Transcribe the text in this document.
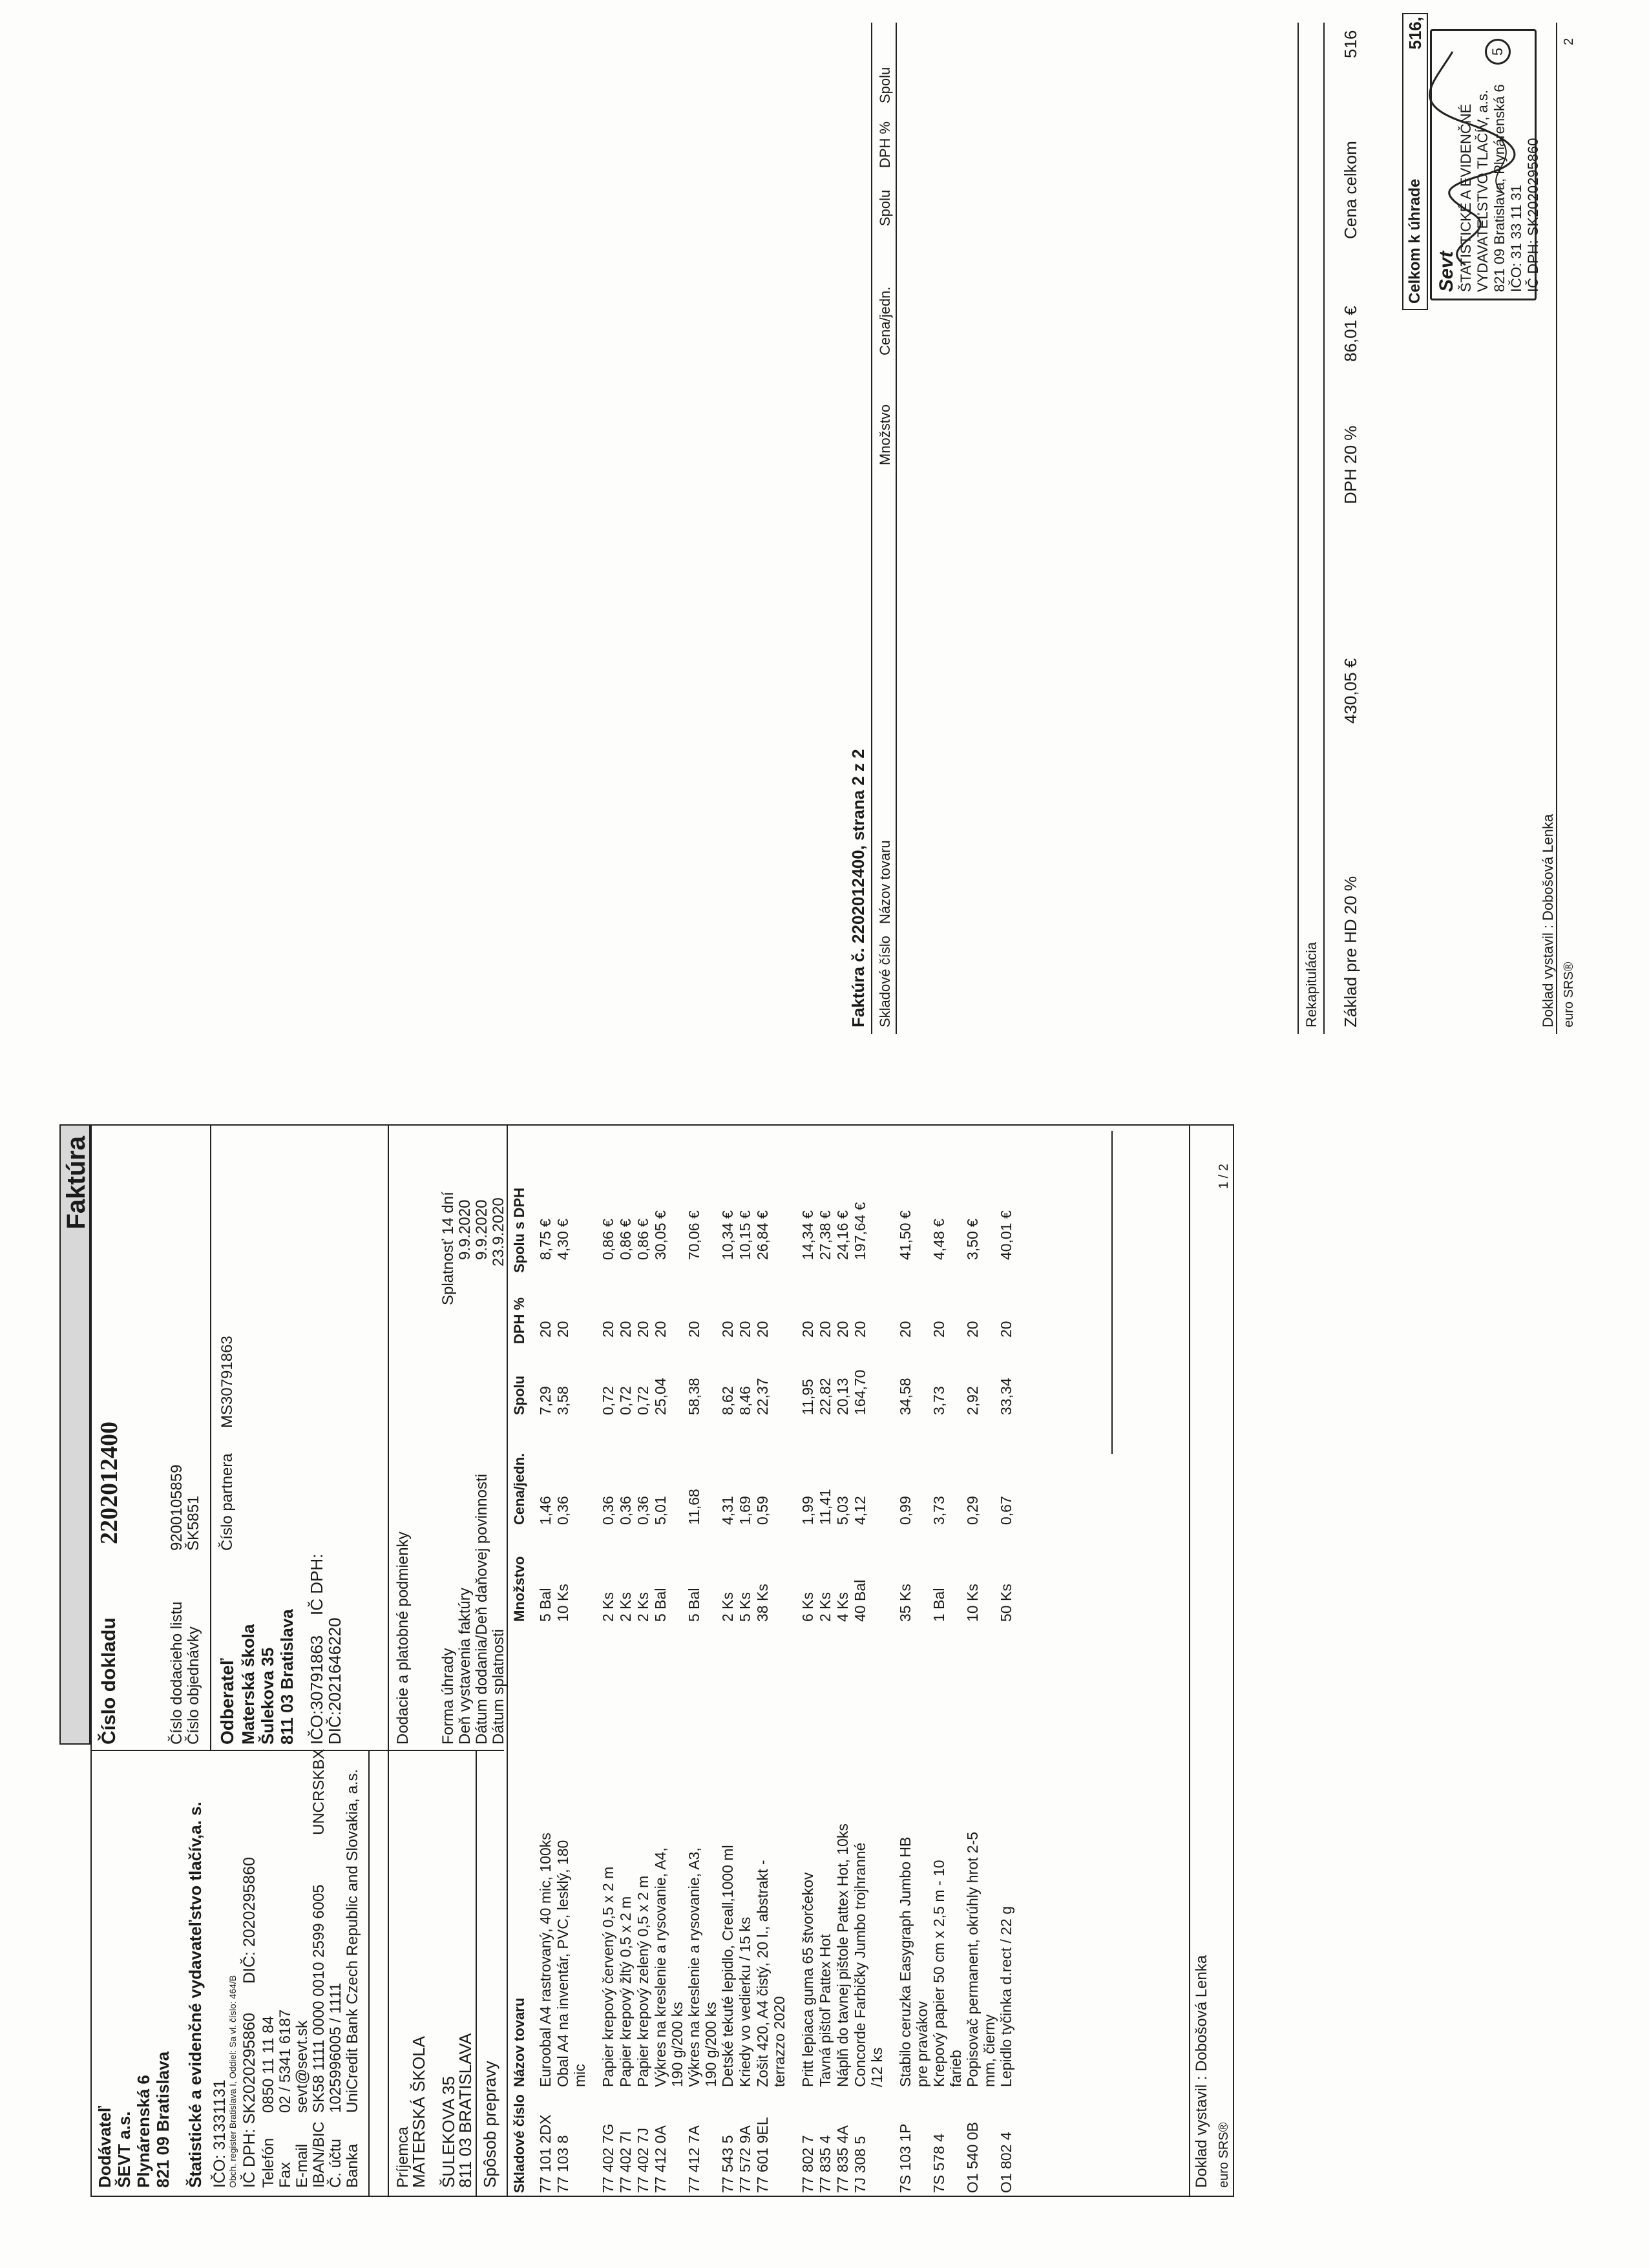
Faktúra
Dodávateľ ŠEVT a.s. Plynárenská 6 821 09 Bratislava Štatistické a evidenčné vydavateľstvo tlačív,a. s. IČO: 31331131
Obch. register Bratislava I, Oddiel: Sa vl. číslo: 464/B IČ DPH: SK2020295860
DIČ: 2020295860
Telefón
0850 11 11 84
Fax
02 / 5341 6187
E-mail
sevt@sevt.sk
IBAN/BIC
SK58 1111 0000 0010 2599 6005
UNCRSKBX
Č. účtu
1025996005 / 1111
Banka
UniCredit Bank Czech Republic and Slovakia, a.s.
Číslo dokladu
2202012400
Číslo dodacieho listu
9200105859
Číslo objednávky
ŠK5851
Odberateľ
Číslo partnera
MS30791863
Materská škola Šulekova 35 811 03 Bratislava IČO:30791863
IČ DPH:
DIČ:2021646220
Príjemca
MATERSKÁ ŠKOLA ŠULEKOVA 35
811 03 BRATISLAVA Spôsob prepravy
Dodacie a platobné podmienky Forma úhrady
Splatnosť 14 dní
Deň vystavenia faktúry
9.9.2020
Dátum dodania/Deň daňovej povinnosti
9.9.2020
Dátum splatnosti
23.9.2020
Skladové číslo
Názov tovaru
Množstvo
Cena/jedn.
Spolu
DPH %
Spolu s DPH
77 101 2DX
5 Bal
1,46
7,29
20
8,75 €
Euroobal A4 rastrovaný, 40 mic, 100ks
77 103 8
10 Ks
0,36
3,58
20
4,30 €
Obal A4 na inventár, PVC, lesklý, 180 mic
77 402 7G
2 Ks
0,36
0,72
20
0,86 €
Papier krepový červený 0,5 x 2 m
77 402 7I
2 Ks
0,36
0,72
20
0,86 €
Papier krepový žltý 0,5 x 2 m
77 402 7J
2 Ks
0,36
0,72
20
0,86 €
Papier krepový zelený 0,5 x 2 m
77 412 0A
5 Bal
5,01
25,04
20
30,05 €
Výkres na kreslenie a rysovanie, A4, 190 g/200 ks
77 412 7A
5 Bal
11,68
58,38
20
70,06 €
Výkres na kreslenie a rysovanie, A3, 190 g/200 ks
77 543 5
2 Ks
4,31
8,62
20
10,34 €
Detské tekuté lepidlo, Creall,1000 ml
77 572 9A
5 Ks
1,69
8,46
20
10,15 €
Kriedy vo vedierku / 15 ks
77 601 9EL
38 Ks
0,59
22,37
20
26,84 €
Zošit 420, A4 čistý, 20 l., abstrakt - terrazzo 2020
77 802 7
6 Ks
1,99
11,95
20
14,34 €
Pritt lepiaca guma 65 štvorčekov
77 835 4
2 Ks
11,41
22,82
20
27,38 €
Tavná pištoľ Pattex Hot
77 835 4A
4 Ks
5,03
20,13
20
24,16 €
Náplň do tavnej pištole Pattex Hot, 10ks
7J 308 5
40 Bal
4,12
164,70
20
197,64 €
Concorde Farbičky Jumbo trojhranné /12 ks
7S 103 1P
35 Ks
0,99
34,58
20
41,50 €
Stabilo ceruzka Easygraph Jumbo HB pre pravákov
7S 578 4
1 Bal
3,73
3,73
20
4,48 €
Krepový papier 50 cm x 2,5 m - 10 farieb
O1 540 0B
10 Ks
0,29
2,92
20
3,50 €
Popisovač permanent, okrúhly hrot 2-5 mm, čierny
O1 802 4
50 Ks
0,67
33,34
20
40,01 €
Lepidlo tyčinka d.rect / 22 g	Doklad vystavil : Dobošová Lenka euro SRS®
1 / 2
Faktúra č. 2202012400, strana 2 z 2 Skladové číslo
Názov tovaru
Množstvo
Cena/jedn.
Spolu
DPH %
Spolu
Rekapitulácia Základ pre HD 20 %
430,05 €
DPH 20 %
86,01 €
Cena celkom
516
Celkom k úhrade
516,
Sevt ŠTATISTICKÉ A EVIDENČNÉ VYDAVATEĽSTVO TLAČÍV, a.s. 821 09 Bratislava, Plynárenská 6 IČO: 31 33 11 31 IČ DPH: SK2020295860
5
Doklad vystavil : Dobošová Lenka euro SRS®
2
